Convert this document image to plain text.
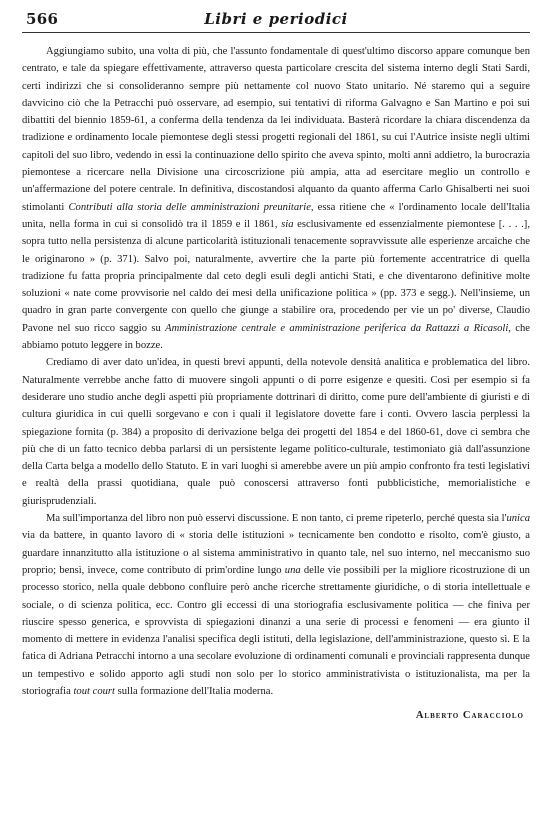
566	Libri e periodici

Aggiungiamo subito, una volta di più, che l'assunto fondamentale di quest'ultimo discorso appare comunque ben centrato, e tale da spiegare effettivamente, attraverso questa particolare crescita del sistema interno degli Stati Sardi, certi indirizzi che si consolideranno sempre più nettamente col nuovo Stato unitario. Né staremo qui a seguire davvicino ciò che la Petracchi può osservare, ad esempio, sui tentativi di riforma Galvagno e San Martino e poi sui dibattiti del biennio 1859-61, a conferma della tendenza da lei individuata. Basterà ricordare la chiara discendenza da tradizione e ordinamento locale piemontese degli stessi progetti regionali del 1861, su cui l'Autrice insiste negli ultimi capitoli del suo libro, vedendo in essi la continuazione dello spirito che aveva spinto, molti anni addietro, la burocrazia piemontese a ricercare nella Divisione una circoscrizione più ampia, atta ad esercitare meglio un controllo e un'affermazione del potere centrale. In definitiva, discostandosi alquanto da quanto afferma Carlo Ghisalberti nei suoi stimolanti Contributi alla storia delle amministrazioni preunitarie, essa ritiene che « l'ordinamento locale dell'Italia unita, nella forma in cui si consolidò tra il 1859 e il 1861, sia esclusivamente ed essenzialmente piemontese [. . . .], sopra tutto nella persistenza di alcune particolarità istituzionali tenacemente sopravvissute alle esperienze arcaiche che le originarono » (p. 371). Salvo poi, naturalmente, avvertire che la parte più fortemente accentratrice di quella tradizione fu fatta propria principalmente dal ceto degli esuli degli antichi Stati, e che diventarono definitive molte soluzioni « nate come provvisorie nel caldo dei mesi della unificazione politica » (pp. 373 e segg.). Nell'insieme, un quadro in gran parte convergente con quello che giunge a stabilire ora, procedendo per vie un po' diverse, Claudio Pavone nel suo ricco saggio su Amministrazione centrale e amministrazione periferica da Rattazzi a Ricasoli, che abbiamo potuto leggere in bozze.

Crediamo di aver dato un'idea, in questi brevi appunti, della notevole densità analitica e problematica del libro. Naturalmente verrebbe anche fatto di muovere singoli appunti o di porre esigenze e quesiti. Così per esempio si fa desiderare uno studio anche degli aspetti più propriamente dottrinari di diritto, come pure dell'ambiente di giuristi e di cultura giuridica in cui quelli sorgevano e con i quali il legislatore dovette fare i conti. Ovvero lascia perplessi la spiegazione fornita (p. 384) a proposito di derivazione belga dei progetti del 1854 e del 1860-61, dove ci sembra che più che di un fatto tecnico debba parlarsi di un persistente legame politico-culturale, testimoniato già dall'assunzione della Carta belga a modello dello Statuto. E in vari luoghi si amerebbe avere un più ampio confronto fra testi legislativi e realtà della prassi quotidiana, quale può conoscersi attraverso fonti pubblicistiche, memorialistiche e giurisprudenziali.

Ma sull'importanza del libro non può esservi discussione. E non tanto, ci preme ripeterlo, perché questa sia l'unica via da battere, in quanto lavoro di « storia delle istituzioni » tecnicamente ben condotto e risolto, com'è giusto, a guardare innanzitutto alla istituzione o al sistema amministrativo in quanto tale, nel suo interno, nel meccanismo suo proprio; bensì, invece, come contributo di prim'ordine lungo una delle vie possibili per la migliore ricostruzione di un processo storico, nella quale debbono confluire però anche ricerche strettamente giuridiche, o di storia intellettuale e sociale, o di scienza politica, ecc. Contro gli eccessi di una storiografia esclusivamente politica — che finiva per riuscire spesso generica, e sprovvista di spiegazioni dinanzi a una serie di processi e fenomeni — era giunto il momento di mettere in evidenza l'analisi specifica degli istituti, della legislazione, dell'amministrazione, questo sì. E la fatica di Adriana Petracchi intorno a una secolare evoluzione di ordinamenti comunali e provinciali rappresenta dunque un tempestivo e solido apporto agli studi non solo per lo storico amministrativista o istituzionalista, ma per la storiografia tout court sulla formazione dell'Italia moderna.

Alberto Caracciolo
